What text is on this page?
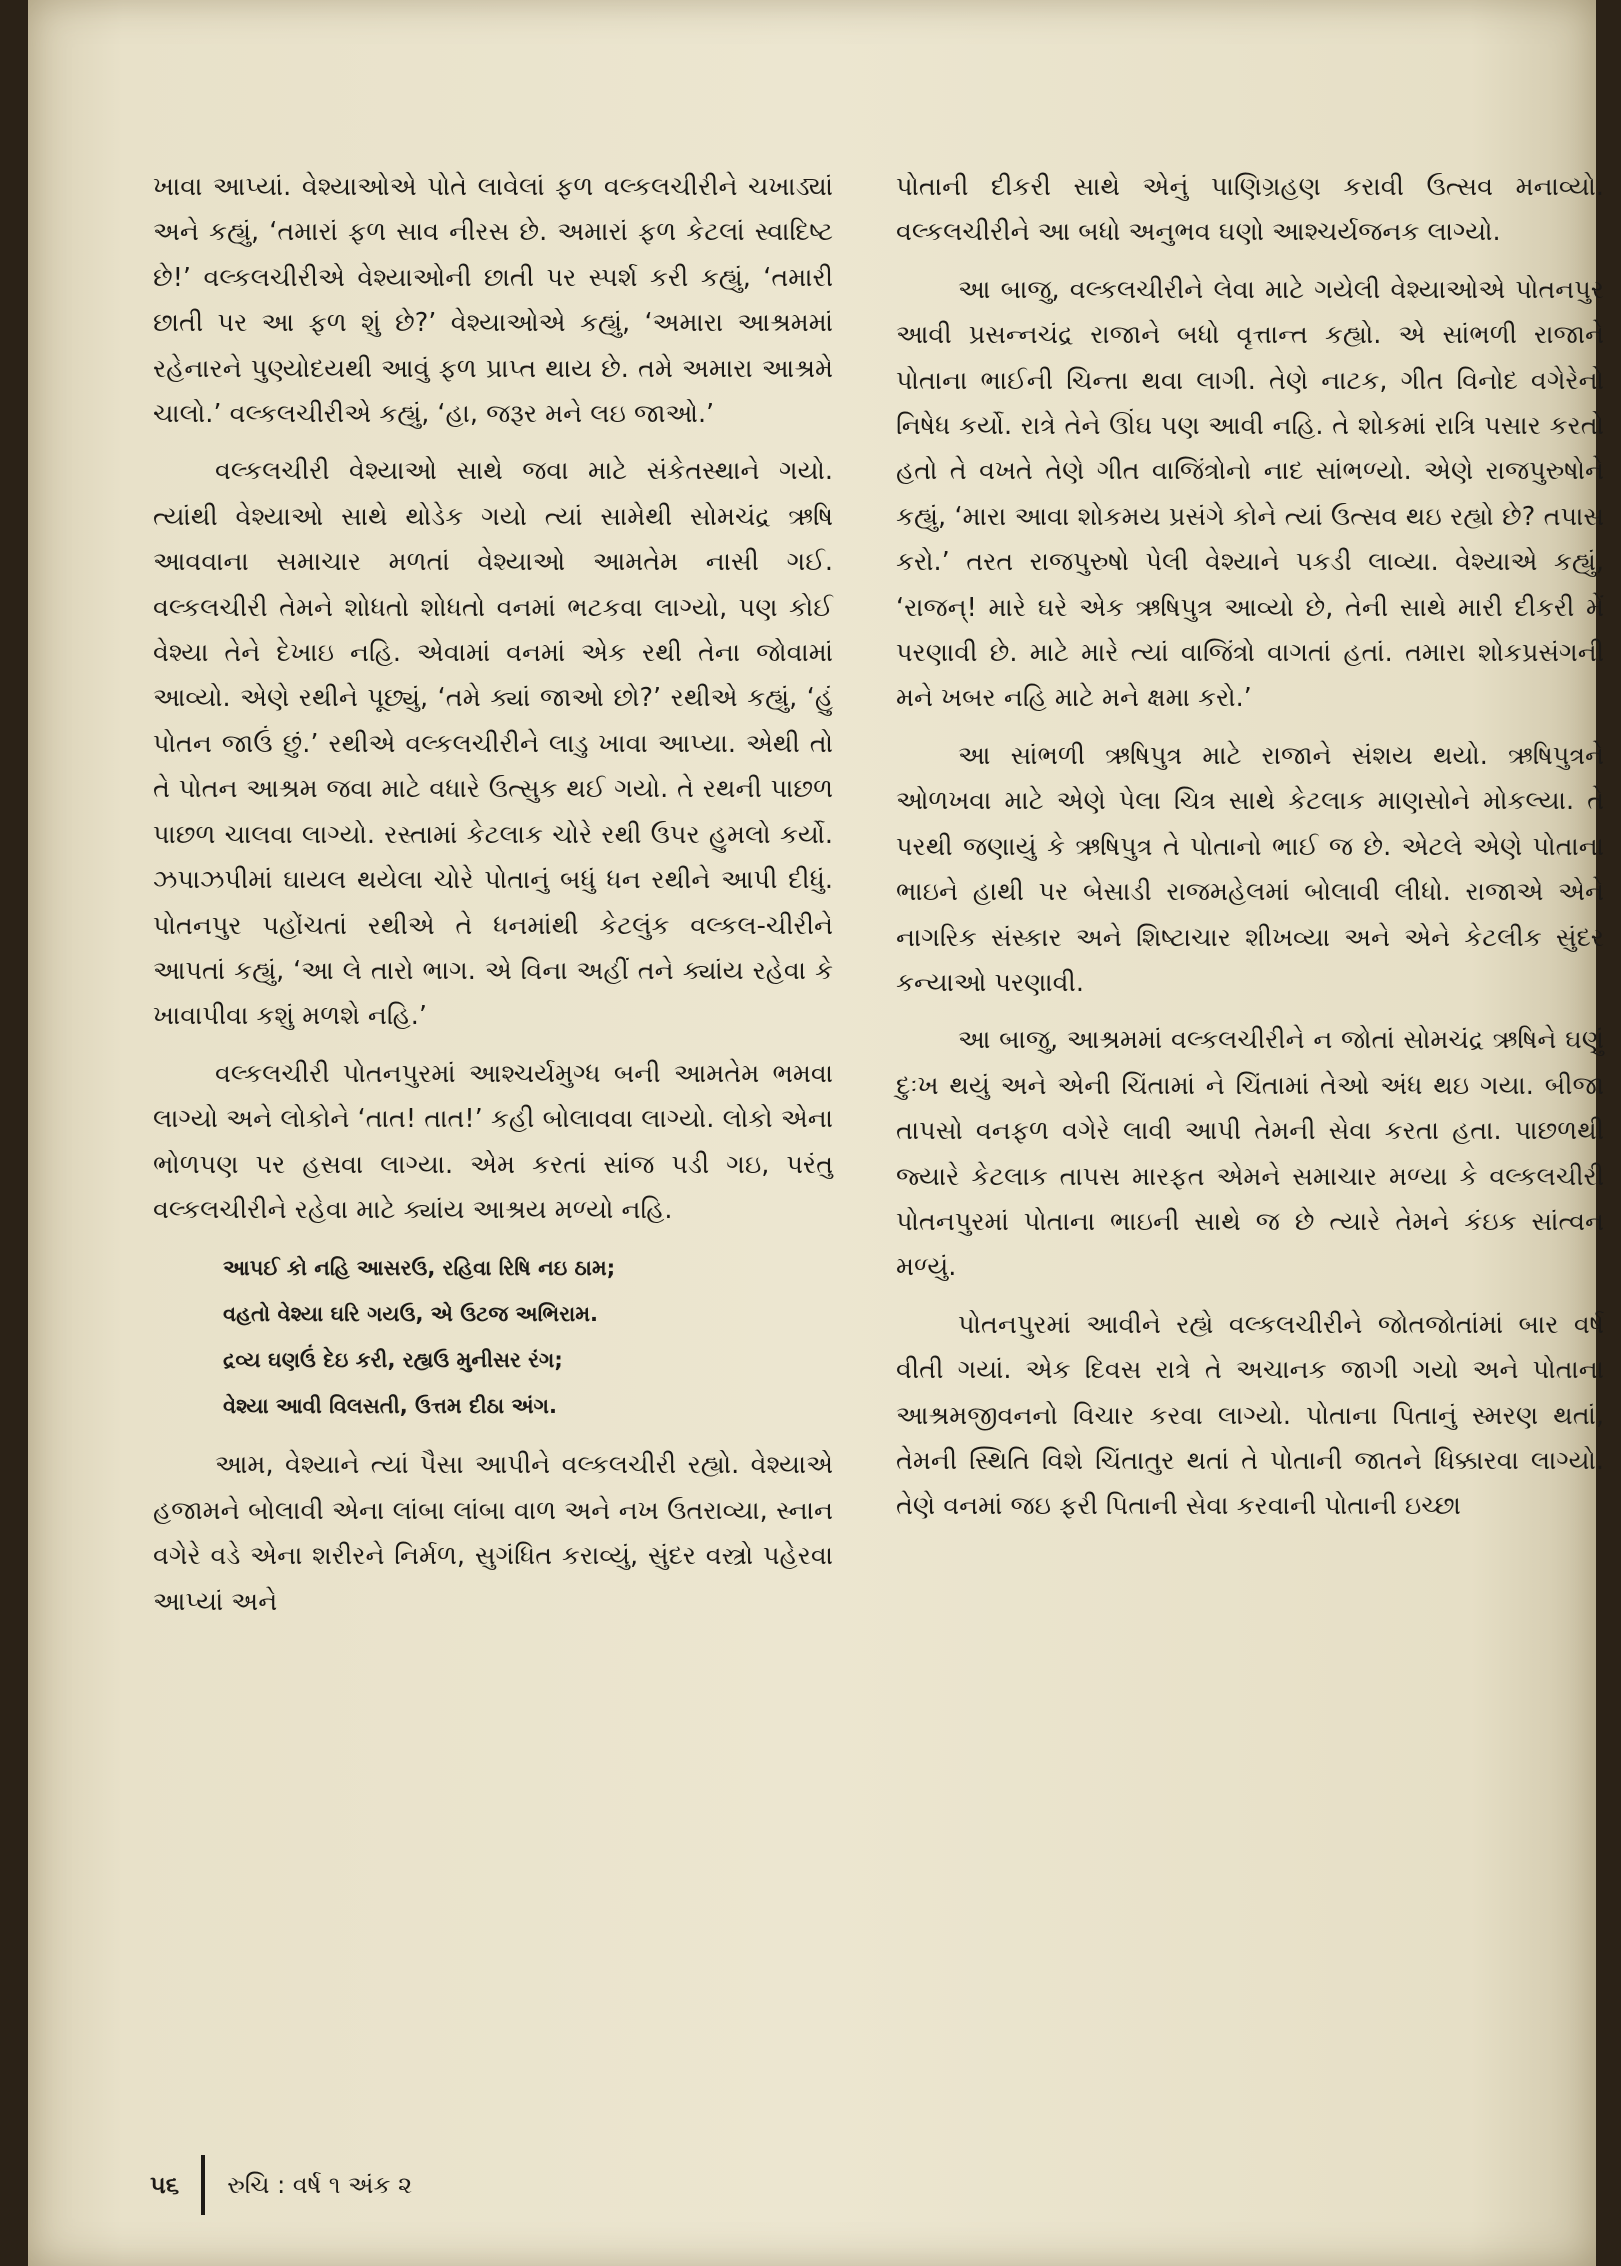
ખાવા આપ્યાં. વેશ્યાઓએ પોતે લાવેલાં ફળ વલ્કલચીરીને ચખાડ્યાં અને કહ્યું, ‘તમારાં ફળ સાવ નીરસ છે. અમારાં ફળ કેટલાં સ્વાદિષ્ટ છે!’ વલ્કલચીરીએ વેશ્યાઓની છાતી પર સ્પર્શ કરી કહ્યું, ‘તમારી છાતી પર આ ફળ શું છે?’ વેશ્યાઓએ કહ્યું, ‘અમારા આશ્રમમાં રહેનારને પુણ્યોદયથી આવું ફળ પ્રાપ્ત થાય છે. તમે અમારા આશ્રમે ચાલો.’ વલ્કલચીરીએ કહ્યું, ‘હા, જરૂર મને લઇ જાઓ.’

વલ્કલચીરી વેશ્યાઓ સાથે જવા માટે સંકેતસ્થાને ગયો. ત્યાંથી વેશ્યાઓ સાથે થોડેક ગયો ત્યાં સામેથી સોમચંદ્ર ઋષિ આવવાના સમાચાર મળતાં વેશ્યાઓ આમતેમ નાસી ગઈ. વલ્કલચીરી તેમને શોધતો શોધતો વનમાં ભટકવા લાગ્યો, પણ કોઈ વેશ્યા તેને દેખાઇ નહિ. એવામાં વનમાં એક રથી તેના જોવામાં આવ્યો. એણે રથીને પૂછ્યું, ‘તમે ક્યાં જાઓ છો?’ રથીએ કહ્યું, ‘હું પોતન જાઉં છું.’ રથીએ વલ્કલચીરીને લાડુ ખાવા આપ્યા. એથી તો તે પોતન આશ્રમ જવા માટે વધારે ઉત્સુક થઈ ગયો. તે રથની પાછળ પાછળ ચાલવા લાગ્યો. રસ્તામાં કેટલાક ચોરે રથી ઉપર હુમલો કર્યો. ઝપાઝપીમાં ઘાયલ થયેલા ચોરે પોતાનું બધું ધન રથીને આપી દીધું. પોતનપુર પહોંચતાં રથીએ તે ધનમાંથી કેટલુંક વલ્કલ-ચીરીને આપતાં કહ્યું, ‘આ લે તારો ભાગ. એ વિના અહીં તને ક્યાંય રહેવા કે ખાવાપીવા કશું મળશે નહિ.’

વલ્કલચીરી પોતનપુરમાં આશ્ચર્યમુગ્ધ બની આમતેમ ભમવા લાગ્યો અને લોકોને ‘તાત! તાત!’ કહી બોલાવવા લાગ્યો. લોકો એના ભોળપણ પર હસવા લાગ્યા. એમ કરતાં સાંજ પડી ગઇ, પરંતુ વલ્કલચીરીને રહેવા માટે ક્યાંય આશ્રય મળ્યો નહિ.

આપઈ કો નહિ આસરઉ, રહિવા રિષિ નઇ ઠામ;
વહતો વેશ્યા ઘરિ ગયઉ, એ ઉટજ અભિરામ.
દ્રવ્ય ઘણઉં દેઇ કરી, રહ્યઉ મુનીસર રંગ;
વેશ્યા આવી વિલસતી, ઉત્તમ દીઠા અંગ.

આમ, વેશ્યાને ત્યાં પૈસા આપીને વલ્કલચીરી રહ્યો. વેશ્યાએ હજામને બોલાવી એના લાંબા લાંબા વાળ અને નખ ઉતરાવ્યા, સ્નાન વગેરે વડે એના શરીરને નિર્મળ, સુગંધિત કરાવ્યું, સુંદર વસ્ત્રો પહેરવા આપ્યાં અને

પોતાની દીકરી સાથે એનું પાણિગ્રહણ કરાવી ઉત્સવ મનાવ્યો. વલ્કલચીરીને આ બધો અનુભવ ઘણો આશ્ચર્યજનક લાગ્યો.

આ બાજુ, વલ્કલચીરીને લેવા માટે ગયેલી વેશ્યાઓએ પોતનપુર આવી પ્રસન્નચંદ્ર રાજાને બધો વૃત્તાન્ત કહ્યો. એ સાંભળી રાજાને પોતાના ભાઈની ચિન્તા થવા લાગી. તેણે નાટક, ગીત વિનોદ વગેરેનો નિષેધ કર્યો. રાત્રે તેને ઊંઘ પણ આવી નહિ. તે શોકમાં રાત્રિ પસાર કરતો હતો તે વખતે તેણે ગીત વાજિંત્રોનો નાદ સાંભળ્યો. એણે રાજપુરુષોને કહ્યું, ‘મારા આવા શોકમય પ્રસંગે કોને ત્યાં ઉત્સવ થઇ રહ્યો છે? તપાસ કરો.’ તરત રાજપુરુષો પેલી વેશ્યાને પકડી લાવ્યા. વેશ્યાએ કહ્યું, ‘રાજન્! મારે ઘરે એક ઋષિપુત્ર આવ્યો છે, તેની સાથે મારી દીકરી મેં પરણાવી છે. માટે મારે ત્યાં વાજિંત્રો વાગતાં હતાં. તમારા શોકપ્રસંગની મને ખબર નહિ માટે મને ક્ષમા કરો.’

આ સાંભળી ઋષિપુત્ર માટે રાજાને સંશય થયો. ઋષિપુત્રને ઓળખવા માટે એણે પેલા ચિત્ર સાથે કેટલાક માણસોને મોકલ્યા. તે પરથી જણાયું કે ઋષિપુત્ર તે પોતાનો ભાઈ જ છે. એટલે એણે પોતાના ભાઇને હાથી પર બેસાડી રાજમહેલમાં બોલાવી લીધો. રાજાએ એને નાગરિક સંસ્કાર અને શિષ્ટાચાર શીખવ્યા અને એને કેટલીક સુંદર કન્યાઓ પરણાવી.

આ બાજુ, આશ્રમમાં વલ્કલચીરીને ન જોતાં સોમચંદ્ર ઋષિને ઘણું દુઃખ થયું અને એની ચિંતામાં ને ચિંતામાં તેઓ અંધ થઇ ગયા. બીજા તાપસો વનફળ વગેરે લાવી આપી તેમની સેવા કરતા હતા. પાછળથી જ્યારે કેટલાક તાપસ મારફત એમને સમાચાર મળ્યા કે વલ્કલચીરી પોતનપુરમાં પોતાના ભાઇની સાથે જ છે ત્યારે તેમને કંઇક સાંત્વન મળ્યું.

પોતનપુરમાં આવીને રહ્યે વલ્કલચીરીને જોતજોતાંમાં બાર વર્ષ વીતી ગયાં. એક દિવસ રાત્રે તે અચાનક જાગી ગયો અને પોતાના આશ્રમજીવનનો વિચાર કરવા લાગ્યો. પોતાના પિતાનું સ્મરણ થતાં, તેમની સ્થિતિ વિશે ચિંતાતુર થતાં તે પોતાની જાતને ધિક્કારવા લાગ્યો. તેણે વનમાં જઇ ફરી પિતાની સેવા કરવાની પોતાની ઇચ્છા

૫૬ રુચિ : વર્ષ ૧ અંક ૨
